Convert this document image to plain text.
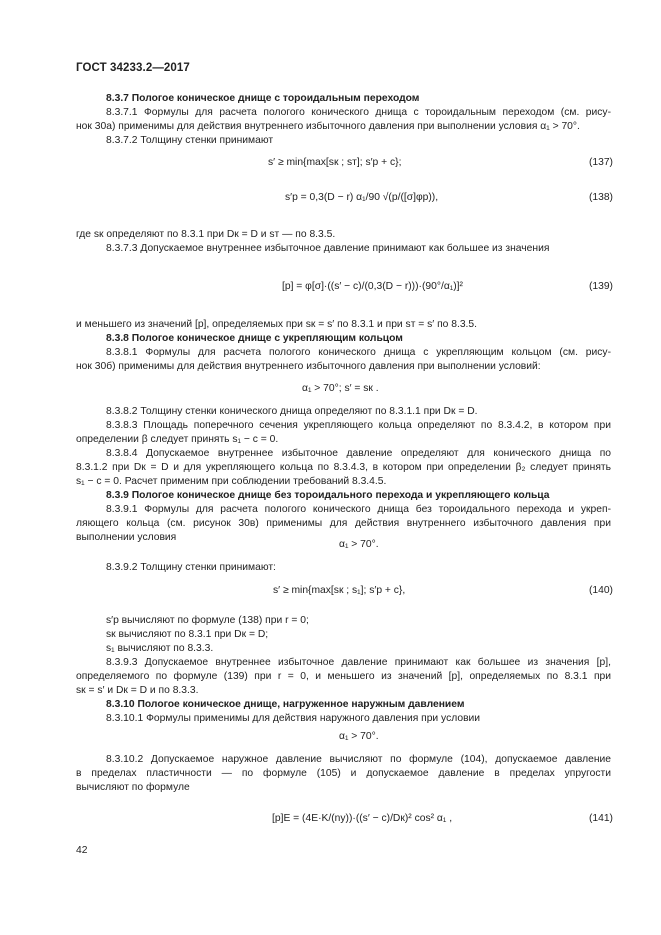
ГОСТ 34233.2—2017
8.3.7 Пологое коническое днище с тороидальным переходом
8.3.7.1 Формулы для расчета пологого конического днища с тороидальным переходом (см. рису-
нок 30а) применимы для действия внутреннего избыточного давления при выполнении условия α₁ > 70°.
8.3.7.2 Толщину стенки принимают
s′ ≥ min{max[sк ; sт]; s′р + c};	(137)
s′р = 0,3(D − r) α₁/90 √(p/([σ]φр)),	(138)
где sк определяют по 8.3.1 при Dк = D и sт — по 8.3.5.
8.3.7.3 Допускаемое внутреннее избыточное давление принимают как большее из значения
[p] = φ[σ]·((s′ − c)/(0,3(D − r)))·(90°/α₁)]²	(139)
и меньшего из значений [p], определяемых при sк = s′ по 8.3.1 и при sт = s′ по 8.3.5.
8.3.8 Пологое коническое днище с укрепляющим кольцом
8.3.8.1 Формулы для расчета пологого конического днища с укрепляющим кольцом (см. рису-
нок 30б) применимы для действия внутреннего избыточного давления при выполнении условий:
α₁ > 70°; s′ = sк .
8.3.8.2 Толщину стенки конического днища определяют по 8.3.1.1 при Dк = D.
8.3.8.3 Площадь поперечного сечения укрепляющего кольца определяют по 8.3.4.2, в котором при
определении β следует принять s₁ − c = 0.
8.3.8.4 Допускаемое внутреннее избыточное давление определяют для конического днища по
8.3.1.2 при Dк = D и для укрепляющего кольца по 8.3.4.3, в котором при определении β₂ следует принять
s₁ − c = 0. Расчет применим при соблюдении требований 8.3.4.5.
8.3.9 Пологое коническое днище без тороидального перехода и укрепляющего кольца
8.3.9.1 Формулы для расчета пологого конического днища без тороидального перехода и укреп-
ляющего кольца (см. рисунок 30в) применимы для действия внутреннего избыточного давления при
выполнении условия
α₁ > 70°.
8.3.9.2 Толщину стенки принимают:
s′ ≥ min{max[sк ; s₁]; s′р + c},	(140)
s′р вычисляют по формуле (138) при r = 0;
sк вычисляют по 8.3.1 при Dк = D;
s₁ вычисляют по 8.3.3.
8.3.9.3 Допускаемое внутреннее избыточное давление принимают как большее из значения [p],
определяемого по формуле (139) при r = 0, и меньшего из значений [p], определяемых по 8.3.1 при
sк = s′ и Dк = D и по 8.3.3.
8.3.10 Пологое коническое днище, нагруженное наружным давлением
8.3.10.1 Формулы применимы для действия наружного давления при условии
α₁ > 70°.
8.3.10.2 Допускаемое наружное давление вычисляют по формуле (104), допускаемое давление
в пределах пластичности — по формуле (105) и допускаемое давление в пределах упругости
вычисляют по формуле
[p]E = (4E·K/(ny))·((s′ − c)/Dк)² cos² α₁ ,	(141)
42
